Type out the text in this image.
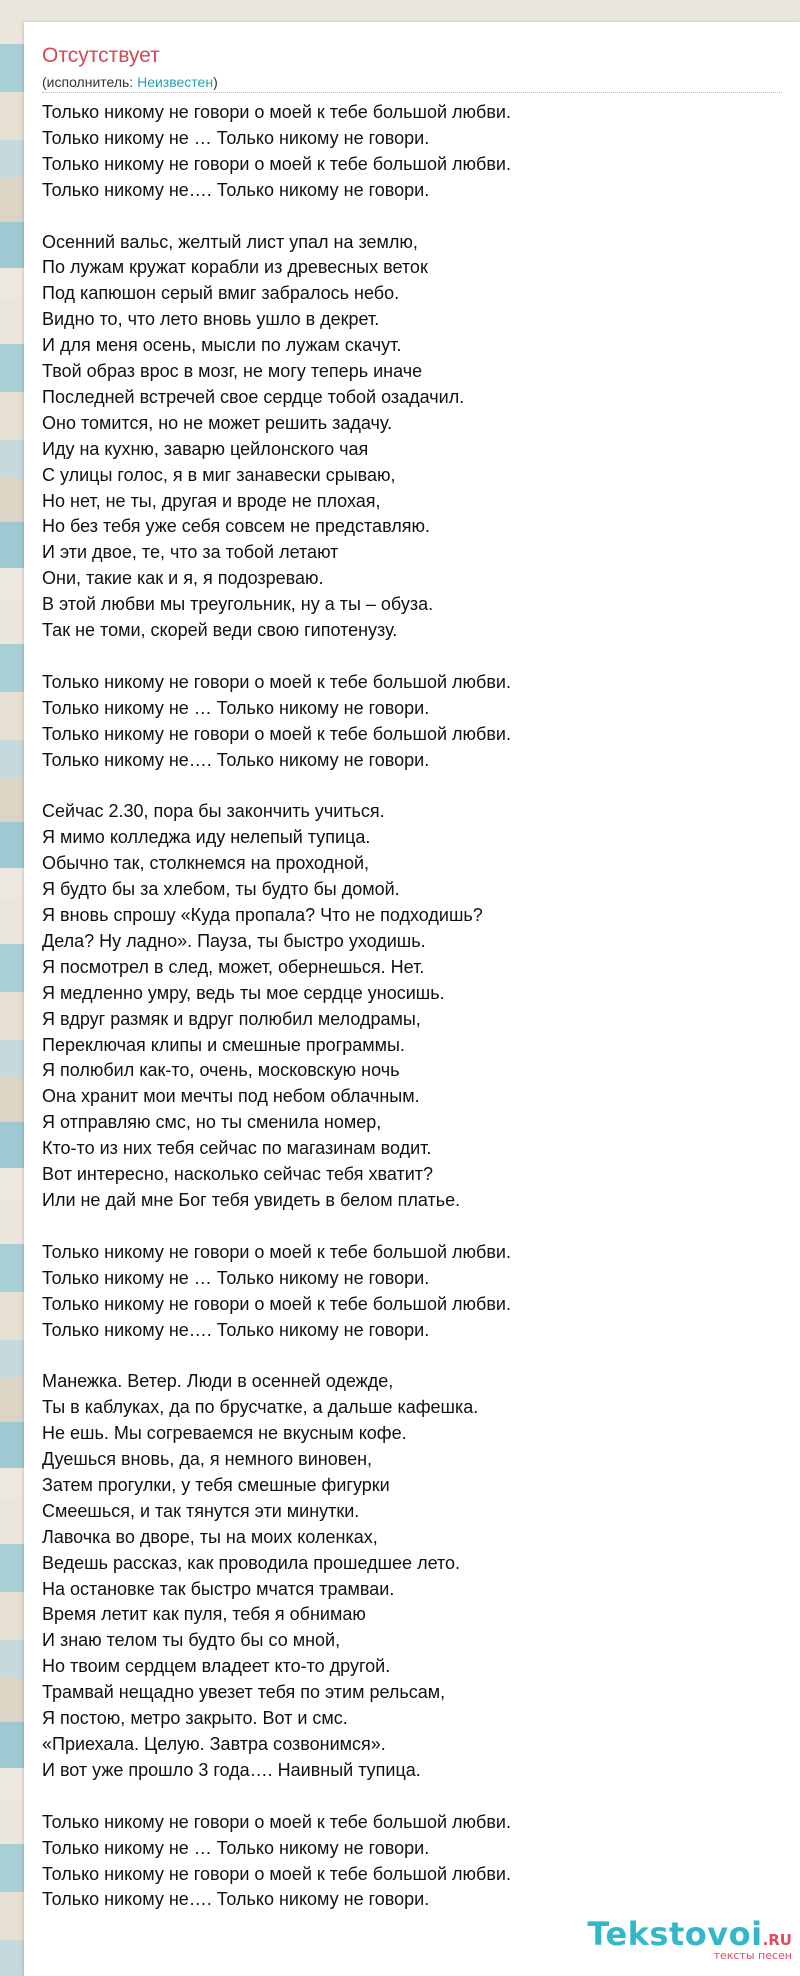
Отсутствует
(исполнитель: Неизвестен)
Только никому не говори о моей к тебе большой любви.
Только никому не … Только никому не говори.
Только никому не говори о моей к тебе большой любви.
Только никому не…. Только никому не говори.
Осенний вальс, желтый лист упал на землю,
По лужам кружат корабли из древесных веток
Под капюшон серый вмиг забралось небо.
Видно то, что лето вновь ушло в декрет.
И для меня осень, мысли по лужам скачут.
Твой образ врос в мозг, не могу теперь иначе
Последней встречей свое сердце тобой озадачил.
Оно томится, но не может решить задачу.
Иду на кухню, заварю цейлонского чая
С улицы голос, я в миг занавески срываю,
Но нет, не ты, другая и вроде не плохая,
Но без тебя уже себя совсем не представляю.
И эти двое, те, что за тобой летают
Они, такие как и я, я подозреваю.
В этой любви мы треугольник, ну а ты – обуза.
Так не томи, скорей веди свою гипотенузу.
Только никому не говори о моей к тебе большой любви.
Только никому не … Только никому не говори.
Только никому не говори о моей к тебе большой любви.
Только никому не…. Только никому не говори.
Сейчас 2.30, пора бы закончить учиться.
Я мимо колледжа иду нелепый тупица.
Обычно так, столкнемся на проходной,
Я будто бы за хлебом, ты будто бы домой.
Я вновь спрошу «Куда пропала? Что не подходишь?
Дела? Ну ладно». Пауза, ты быстро уходишь.
Я посмотрел в след, может, обернешься. Нет.
Я медленно умру, ведь ты мое сердце уносишь.
Я вдруг размяк и вдруг полюбил мелодрамы,
Переключая клипы и смешные программы.
Я полюбил как-то, очень, московскую ночь
Она хранит мои мечты под небом облачным.
Я отправляю смс, но ты сменила номер,
Кто-то из них тебя сейчас по магазинам водит.
Вот интересно, насколько сейчас тебя хватит?
Или не дай мне Бог тебя увидеть в белом платье.
Только никому не говори о моей к тебе большой любви.
Только никому не … Только никому не говори.
Только никому не говори о моей к тебе большой любви.
Только никому не…. Только никому не говори.
Манежка. Ветер. Люди в осенней одежде,
Ты в каблуках, да по брусчатке, а дальше кафешка.
Не ешь. Мы согреваемся не вкусным кофе.
Дуешься вновь, да, я немного виновен,
Затем прогулки, у тебя смешные фигурки
Смеешься, и так тянутся эти минутки.
Лавочка во дворе, ты на моих коленках,
Ведешь рассказ, как проводила прошедшее лето.
На остановке так быстро мчатся трамваи.
Время летит как пуля, тебя я обнимаю
И знаю телом ты будто бы со мной,
Но твоим сердцем владеет кто-то другой.
Трамвай нещадно увезет тебя по этим рельсам,
Я постою, метро закрыто. Вот и смс.
«Приехала. Целую. Завтра созвонимся».
И вот уже прошло 3 года…. Наивный тупица.
Только никому не говори о моей к тебе большой любви.
Только никому не … Только никому не говори.
Только никому не говори о моей к тебе большой любви.
Только никому не…. Только никому не говори.
Tekstovoi.RU
тексты песен
